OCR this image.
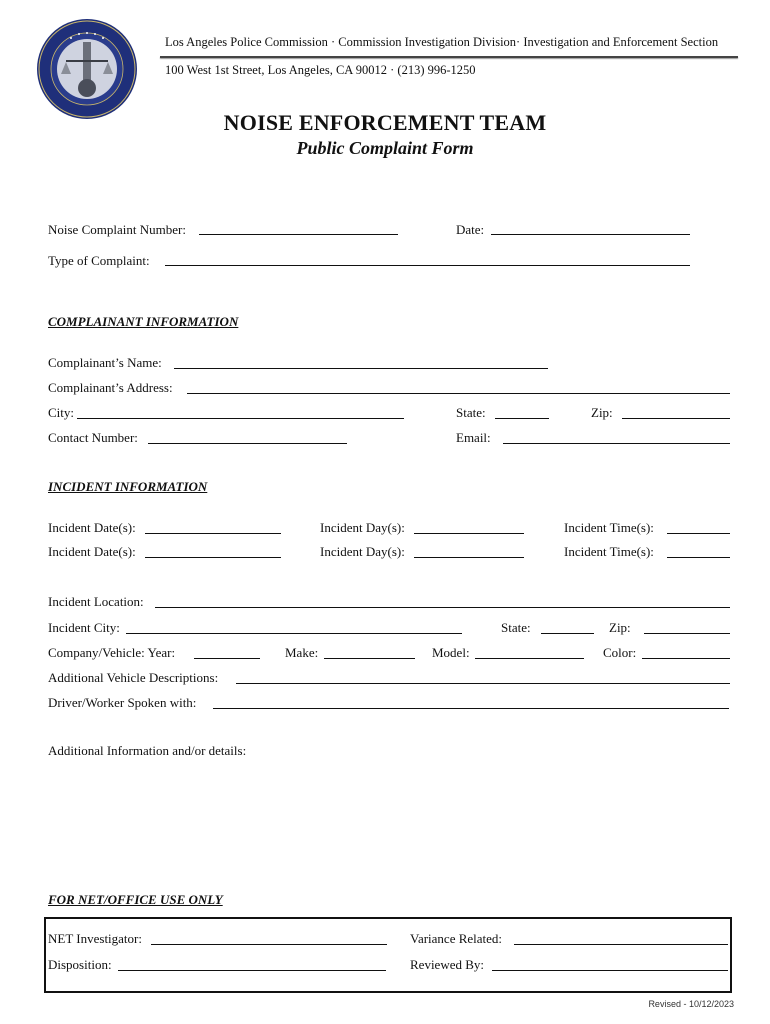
Los Angeles Police Commission · Commission Investigation Division· Investigation and Enforcement Section
100 West 1st Street, Los Angeles, CA 90012 · (213) 996-1250
NOISE ENFORCEMENT TEAM
Public Complaint Form
Noise Complaint Number:	Date:
Type of Complaint:
COMPLAINANT INFORMATION
Complainant’s Name:
Complainant’s Address:
City:	State:	Zip:
Contact Number:	Email:
INCIDENT INFORMATION
Incident Date(s):	Incident Day(s):	Incident Time(s):
Incident Date(s):	Incident Day(s):	Incident Time(s):
Incident Location:
Incident City:	State:	Zip:
Company/Vehicle: Year:	Make:	Model:	Color:
Additional Vehicle Descriptions:
Driver/Worker Spoken with:
Additional Information and/or details:
FOR NET/OFFICE USE ONLY
NET Investigator:	Variance Related:
Disposition:	Reviewed By:
Revised - 10/12/2023
